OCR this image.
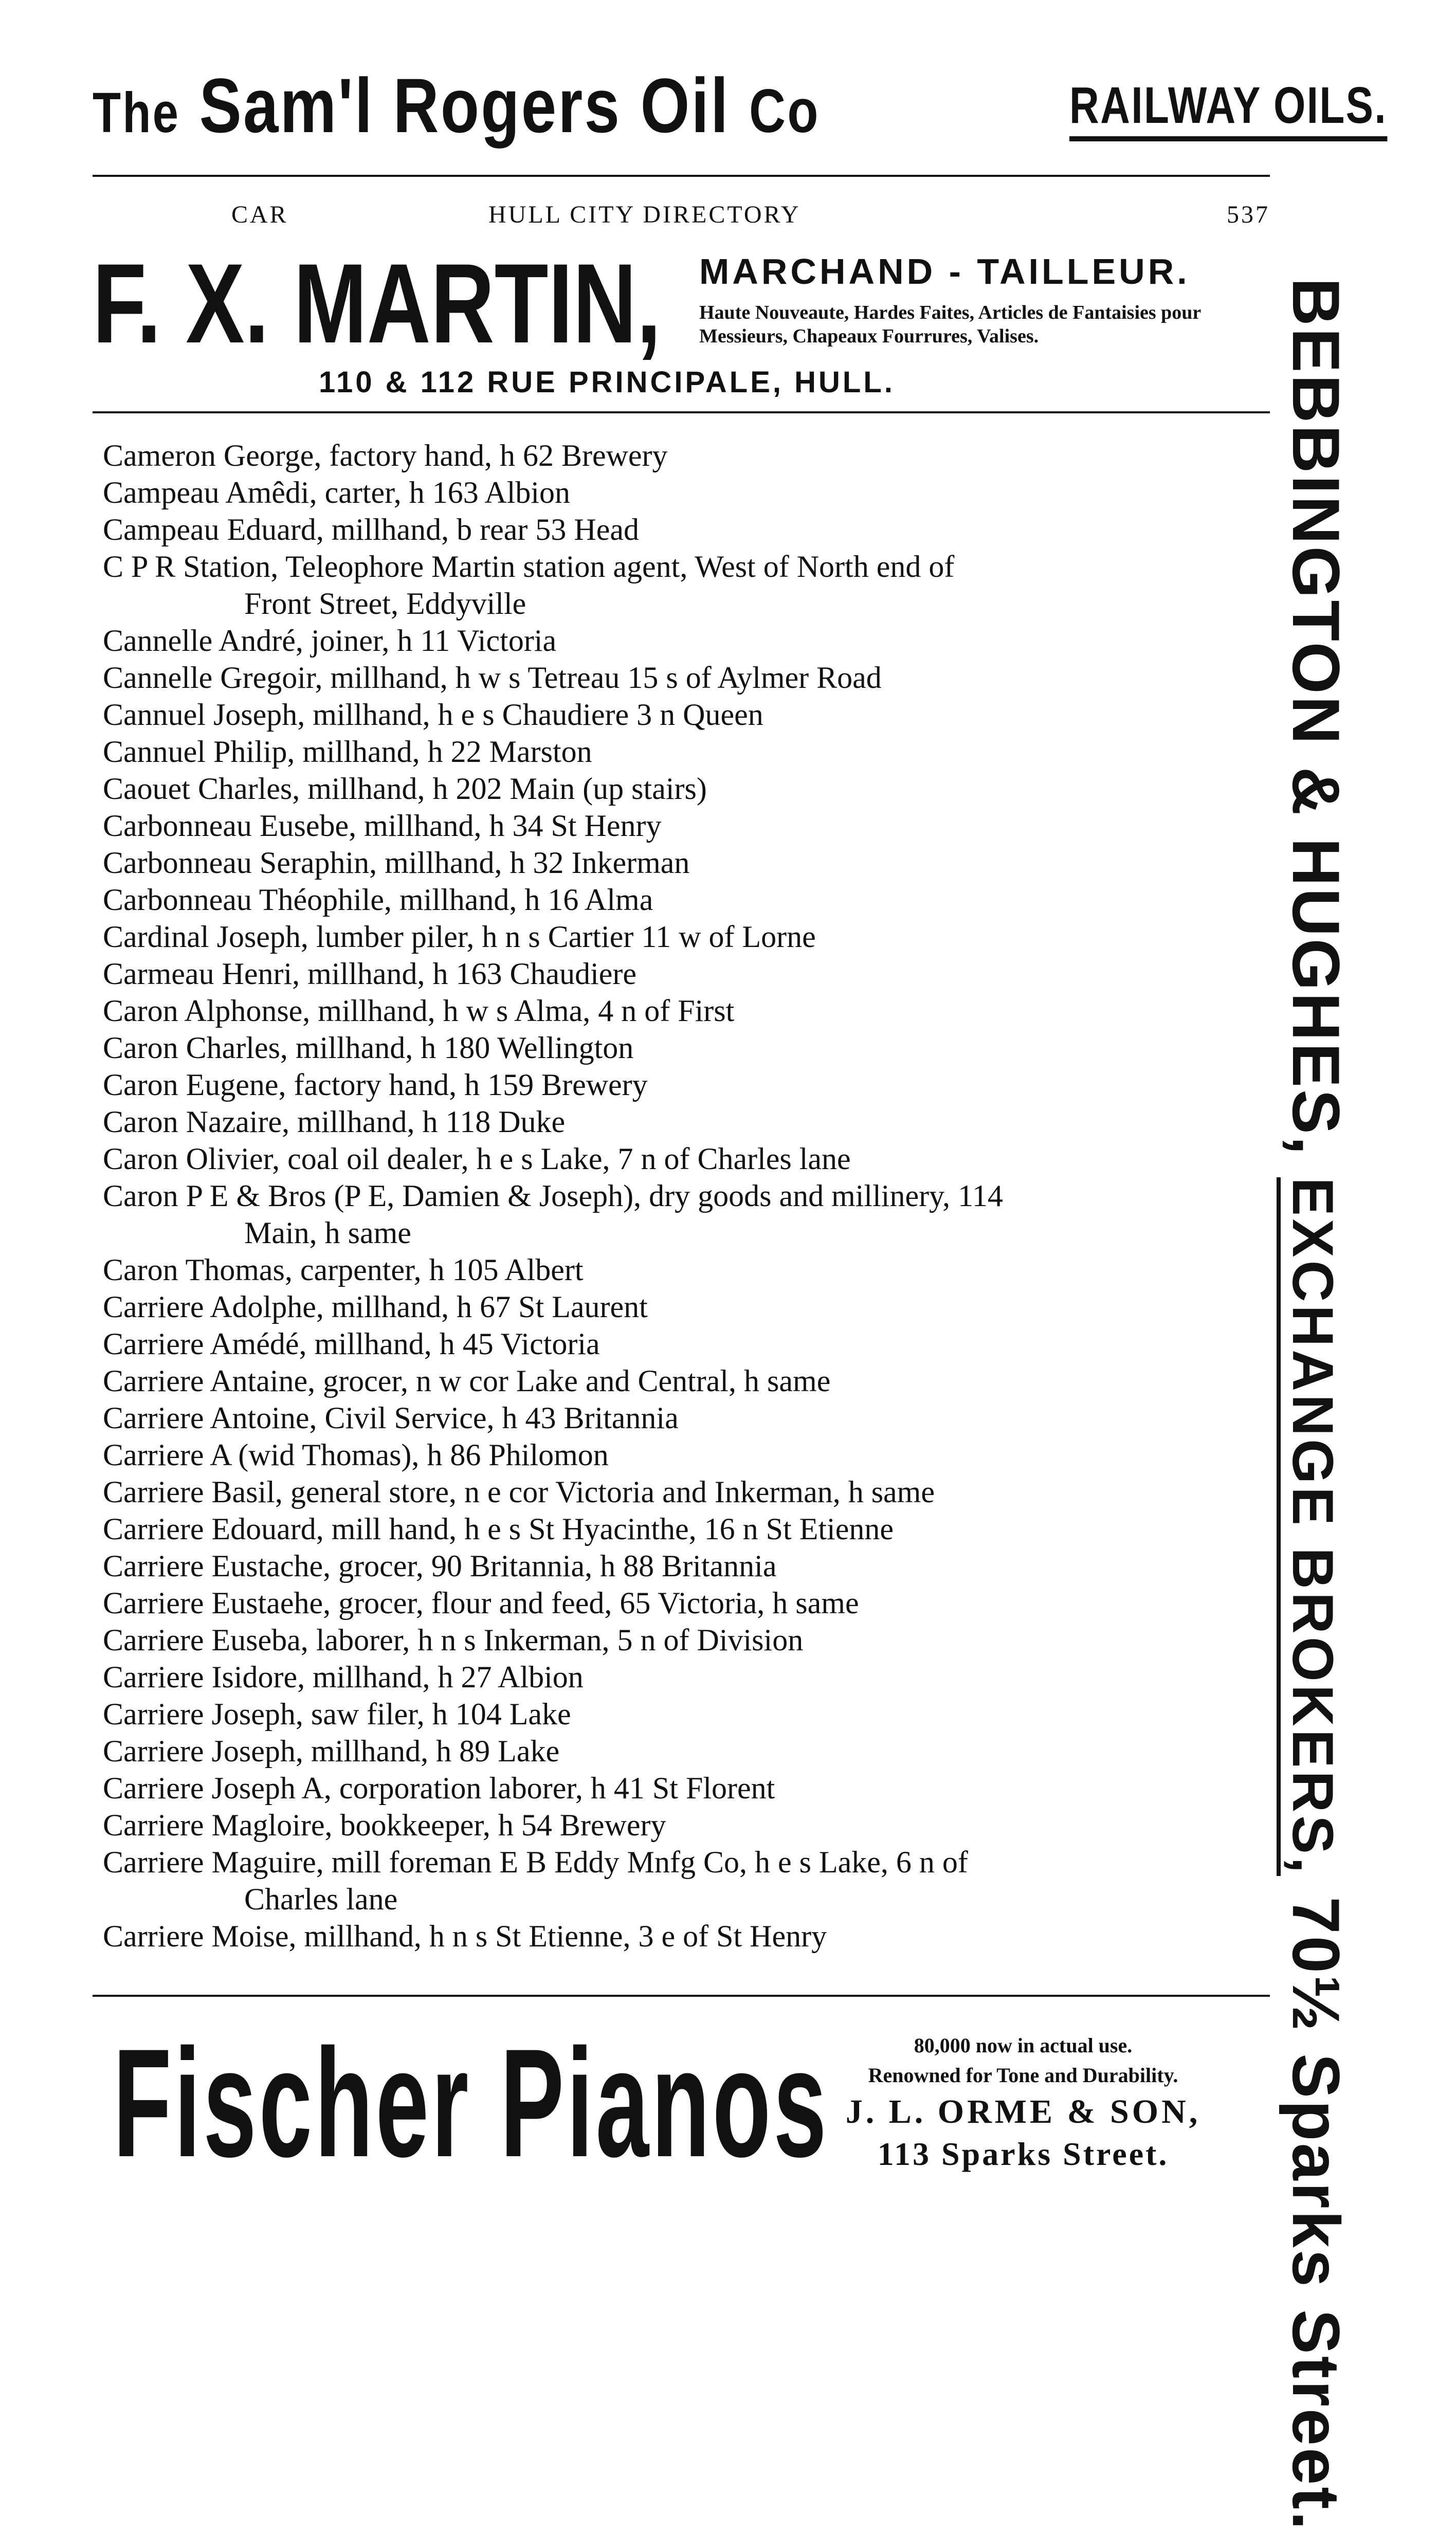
The Sam'l Rogers Oil Co	RAILWAY OILS.
CAR	HULL CITY DIRECTORY	537
F. X. MARTIN, MARCHAND - TAILLEUR.
Haute Nouveaute, Hardes Faites, Articles de Fantaisies pour Messieurs, Chapeaux Fourrures, Valises.
110 & 112 RUE PRINCIPALE, HULL.
Cameron George, factory hand, h 62 Brewery
Campeau Amêdi, carter, h 163 Albion
Campeau Eduard, millhand, b rear 53 Head
C P R Station, Teleophore Martin station agent, West of North end of
Front Street, Eddyville
Cannelle André, joiner, h 11 Victoria
Cannelle Gregoir, millhand, h w s Tetreau 15 s of Aylmer Road
Cannuel Joseph, millhand, h e s Chaudiere 3 n Queen
Cannuel Philip, millhand, h 22 Marston
Caouet Charles, millhand, h 202 Main (up stairs)
Carbonneau Eusebe, millhand, h 34 St Henry
Carbonneau Seraphin, millhand, h 32 Inkerman
Carbonneau Théophile, millhand, h 16 Alma
Cardinal Joseph, lumber piler, h n s Cartier 11 w of Lorne
Carmeau Henri, millhand, h 163 Chaudiere
Caron Alphonse, millhand, h w s Alma, 4 n of First
Caron Charles, millhand, h 180 Wellington
Caron Eugene, factory hand, h 159 Brewery
Caron Nazaire, millhand, h 118 Duke
Caron Olivier, coal oil dealer, h e s Lake, 7 n of Charles lane
Caron P E & Bros (P E, Damien & Joseph), dry goods and millinery, 114
Main, h same
Caron Thomas, carpenter, h 105 Albert
Carriere Adolphe, millhand, h 67 St Laurent
Carriere Amédé, millhand, h 45 Victoria
Carriere Antaine, grocer, n w cor Lake and Central, h same
Carriere Antoine, Civil Service, h 43 Britannia
Carriere A (wid Thomas), h 86 Philomon
Carriere Basil, general store, n e cor Victoria and Inkerman, h same
Carriere Edouard, mill hand, h e s St Hyacinthe, 16 n St Etienne
Carriere Eustache, grocer, 90 Britannia, h 88 Britannia
Carriere Eustaehe, grocer, flour and feed, 65 Victoria, h same
Carriere Euseba, laborer, h n s Inkerman, 5 n of Division
Carriere Isidore, millhand, h 27 Albion
Carriere Joseph, saw filer, h 104 Lake
Carriere Joseph, millhand, h 89 Lake
Carriere Joseph A, corporation laborer, h 41 St Florent
Carriere Magloire, bookkeeper, h 54 Brewery
Carriere Maguire, mill foreman E B Eddy Mnfg Co, h e s Lake, 6 n of
Charles lane
Carriere Moise, millhand, h n s St Etienne, 3 e of St Henry
BEBBINGTON & HUGHES, EXCHANGE BROKERS, 70½ Sparks Street.
Fischer Pianos	80,000 now in actual use.
Renowned for Tone and Durability.
J. L. ORME & SON,
113 Sparks Street.
